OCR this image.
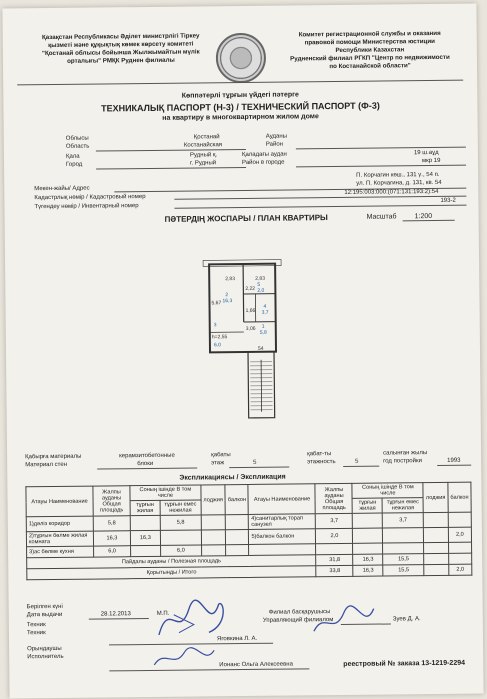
Қазақстан Республикасы Әділет министрлігі Тіркеу
қызметі және құқықтық көмек көрсету комитеті
"Қостанай облысы бойынша Жылжымайтын мүлік
орталығы" РМҚК Руднен филиалы
Комитет регистрационной службы и оказания
правовой помощи Министерства юстиции
Республики Казахстан
Рудненский филиал РГКП "Центр по недвижимости
по Костанайской области"
Көппәтерлі тұрғын үйдегі пәтерге
ТЕХНИКАЛЫҚ ПАСПОРТ (Н-3) / ТЕХНИЧЕСКИЙ ПАСПОРТ (Ф-3)
на квартиру в многоквартирном жилом доме
Облысы
Область
Қостанай
Костанайская
Ауданы
Район
Қала
Город
Рудный қ.
г. Рудный
Қаладағы аудан
Район в городе
19 ш.аұд
мкр 19
П. Корчагин көш., 131 ү., 54 п.
Мекен-жайы/ Адрес
ул. П. Корчагина, д. 131, кв. 54
Кадастрлық нөмір / Кадастровый номер
12:195:003:000:(071:131:193:2):54
Түгендеу нөмір / Инвентарный номер
193-2
ПӘТЕРДІҢ ЖОСПАРЫ / ПЛАН КВАРТИРЫ	Масштаб	1:200
2,83	2,83
5,67
2,22
1,66
3,06
h=2,55
54
2
16,3
5
2,0
4
3,7
1
5,8
3
6,0
Қабырға материалы
Материал стен
керамзитобетонные
блоки
қабаты
этаж	5
қабат-ты
этажность	5
салынған жылы
год постройки	1993
Экспликациясы / Экспликация
Атауы Наименование	Жалпы ауданы Общая площадь	Соның ішінде В том числе		лоджия	балкон	Атауы Наименование	Жалпы ауданы Общая площадь	Соның ішінде В том числе		лоджия	балкон
		тұрғын жилая	тұрғын емес нежилая					тұрғын жилая	тұрғын емес нежилая		
1)дәліз коридор	5,8		5,8			4)санитарлық торап санузел	3,7		3,7		
2)тұрғын бөлме жилая комната	16,3	16,3				5)балкон балкон	2,0				2,0
3)ас бөлме кухня	6,0		6,0								
Пайдалы ауданы / Полезная площадь							31,8	16,3	15,5		
Қорытынды / Итого							33,8	16,3	15,5		2,0
Берілген күні
Дата выдачи	28.12.2013	М.П.
Техник
Техник
Яговкина Л. А.
Орындаушы
Исполнитель
Ионанс Ольга Алексеевна
Филиал басқарушысы
Управляющий филиалом	Зуев Д. А.
реестровый № заказа 13-1219-2294
